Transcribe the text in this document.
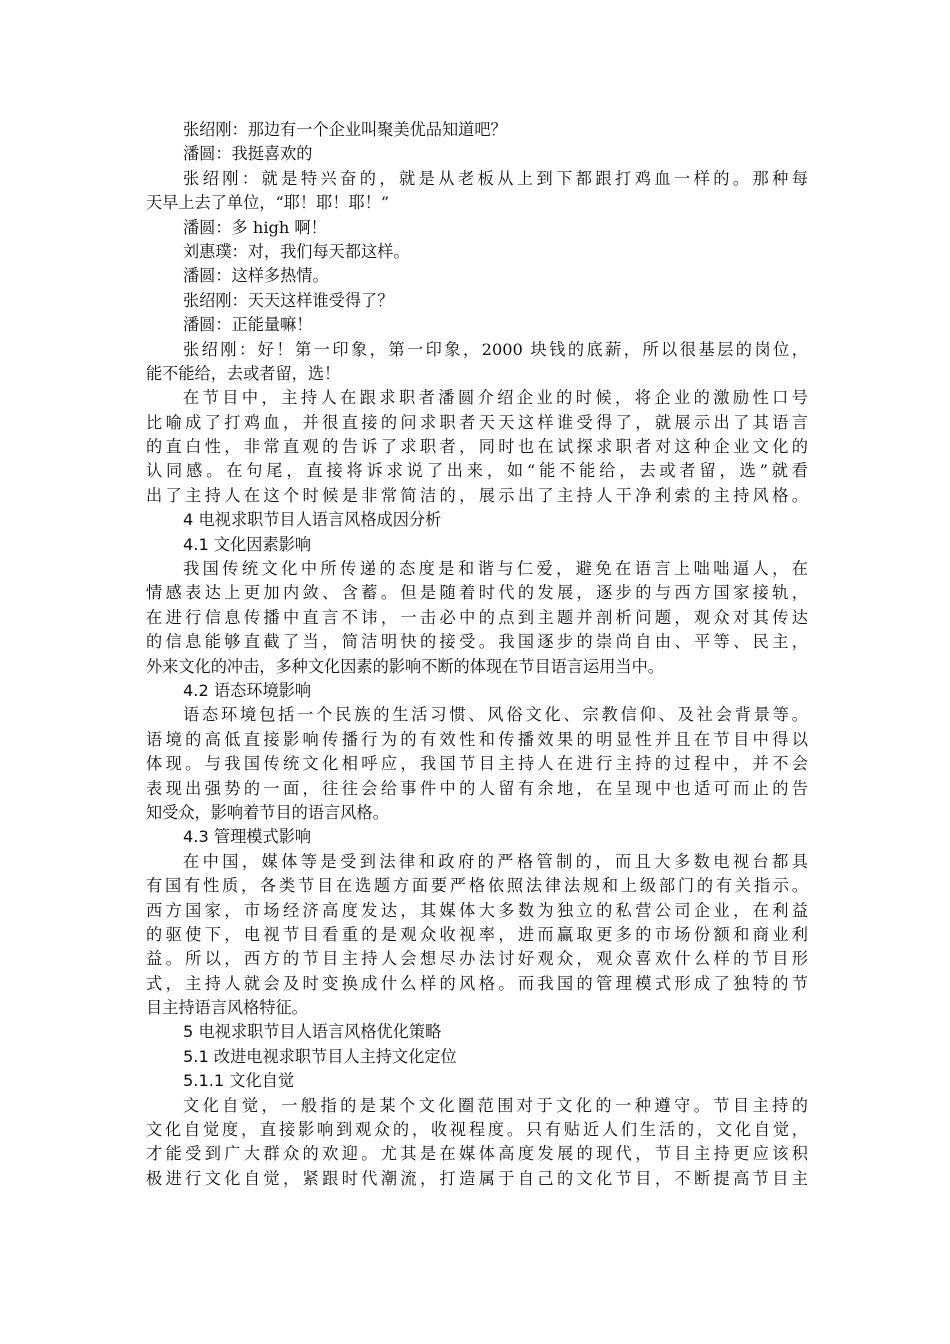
张绍刚：那边有一个企业叫聚美优品知道吧？
潘圆：我挺喜欢的
张绍刚：就是特兴奋的，就是从老板从上到下都跟打鸡血一样的。那种每
天早上去了单位，“耶！耶！耶！”
潘圆：多 high 啊！
刘惠璞：对，我们每天都这样。
潘圆：这样多热情。
张绍刚：天天这样谁受得了？
潘圆：正能量嘛！
张绍刚：好！第一印象，第一印象，2000 块钱的底薪，所以很基层的岗位，
能不能给，去或者留，选！
在节目中，主持人在跟求职者潘圆介绍企业的时候，将企业的激励性口号
比喻成了打鸡血，并很直接的问求职者天天这样谁受得了，就展示出了其语言
的直白性，非常直观的告诉了求职者，同时也在试探求职者对这种企业文化的
认同感。在句尾，直接将诉求说了出来，如“能不能给，去或者留，选”就看
出了主持人在这个时候是非常简洁的，展示出了主持人干净利索的主持风格。
4 电视求职节目人语言风格成因分析
4.1 文化因素影响
我国传统文化中所传递的态度是和谐与仁爱，避免在语言上咄咄逼人，在
情感表达上更加内敛、含蓄。但是随着时代的发展，逐步的与西方国家接轨，
在进行信息传播中直言不讳，一击必中的点到主题并剖析问题，观众对其传达
的信息能够直截了当，简洁明快的接受。我国逐步的崇尚自由、平等、民主，
外来文化的冲击，多种文化因素的影响不断的体现在节目语言运用当中。
4.2 语态环境影响
语态环境包括一个民族的生活习惯、风俗文化、宗教信仰、及社会背景等。
语境的高低直接影响传播行为的有效性和传播效果的明显性并且在节目中得以
体现。与我国传统文化相呼应，我国节目主持人在进行主持的过程中，并不会
表现出强势的一面，往往会给事件中的人留有余地，在呈现中也适可而止的告
知受众，影响着节目的语言风格。
4.3 管理模式影响
在中国，媒体等是受到法律和政府的严格管制的，而且大多数电视台都具
有国有性质，各类节目在选题方面要严格依照法律法规和上级部门的有关指示。
西方国家，市场经济高度发达，其媒体大多数为独立的私营公司企业，在利益
的驱使下，电视节目看重的是观众收视率，进而赢取更多的市场份额和商业利
益。所以，西方的节目主持人会想尽办法讨好观众，观众喜欢什么样的节目形
式，主持人就会及时变换成什么样的风格。而我国的管理模式形成了独特的节
目主持语言风格特征。
5 电视求职节目人语言风格优化策略
5.1 改进电视求职节目人主持文化定位
5.1.1 文化自觉
文化自觉，一般指的是某个文化圈范围对于文化的一种遵守。节目主持的
文化自觉度，直接影响到观众的，收视程度。只有贴近人们生活的，文化自觉，
才能受到广大群众的欢迎。尤其是在媒体高度发展的现代，节目主持更应该积
极进行文化自觉，紧跟时代潮流，打造属于自己的文化节目，不断提高节目主
